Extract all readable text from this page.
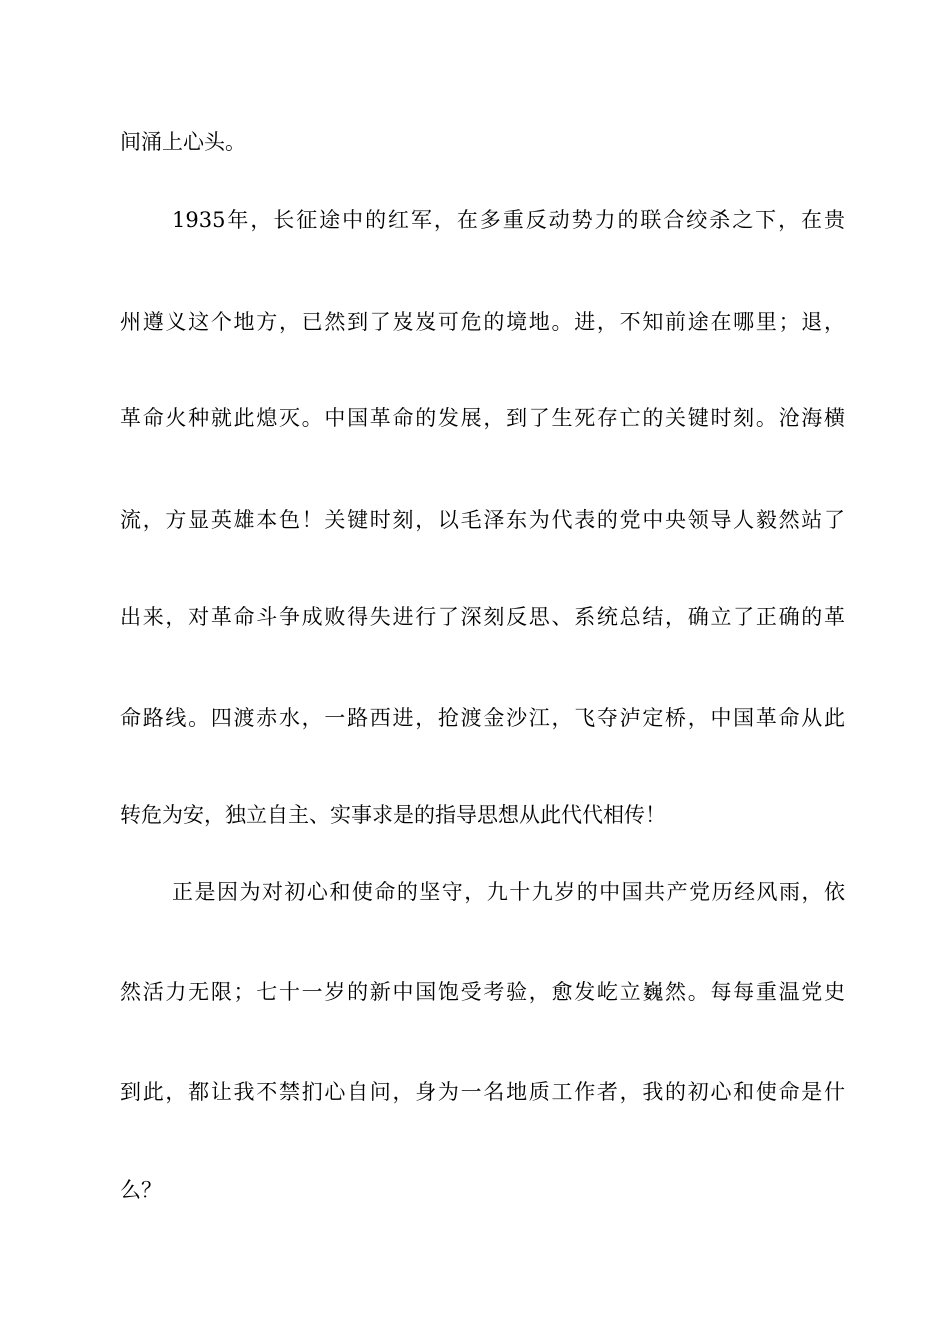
间涌上心头。
1935年，长征途中的红军，在多重反动势力的联合绞杀之下，在贵
州遵义这个地方，已然到了岌岌可危的境地。进，不知前途在哪里；退，
革命火种就此熄灭。中国革命的发展，到了生死存亡的关键时刻。沧海横
流，方显英雄本色！关键时刻，以毛泽东为代表的党中央领导人毅然站了
出来，对革命斗争成败得失进行了深刻反思、系统总结，确立了正确的革
命路线。四渡赤水，一路西进，抢渡金沙江，飞夺泸定桥，中国革命从此
转危为安，独立自主、实事求是的指导思想从此代代相传！
正是因为对初心和使命的坚守，九十九岁的中国共产党历经风雨，依
然活力无限；七十一岁的新中国饱受考验，愈发屹立巍然。每每重温党史
到此，都让我不禁扪心自问，身为一名地质工作者，我的初心和使命是什
么？
